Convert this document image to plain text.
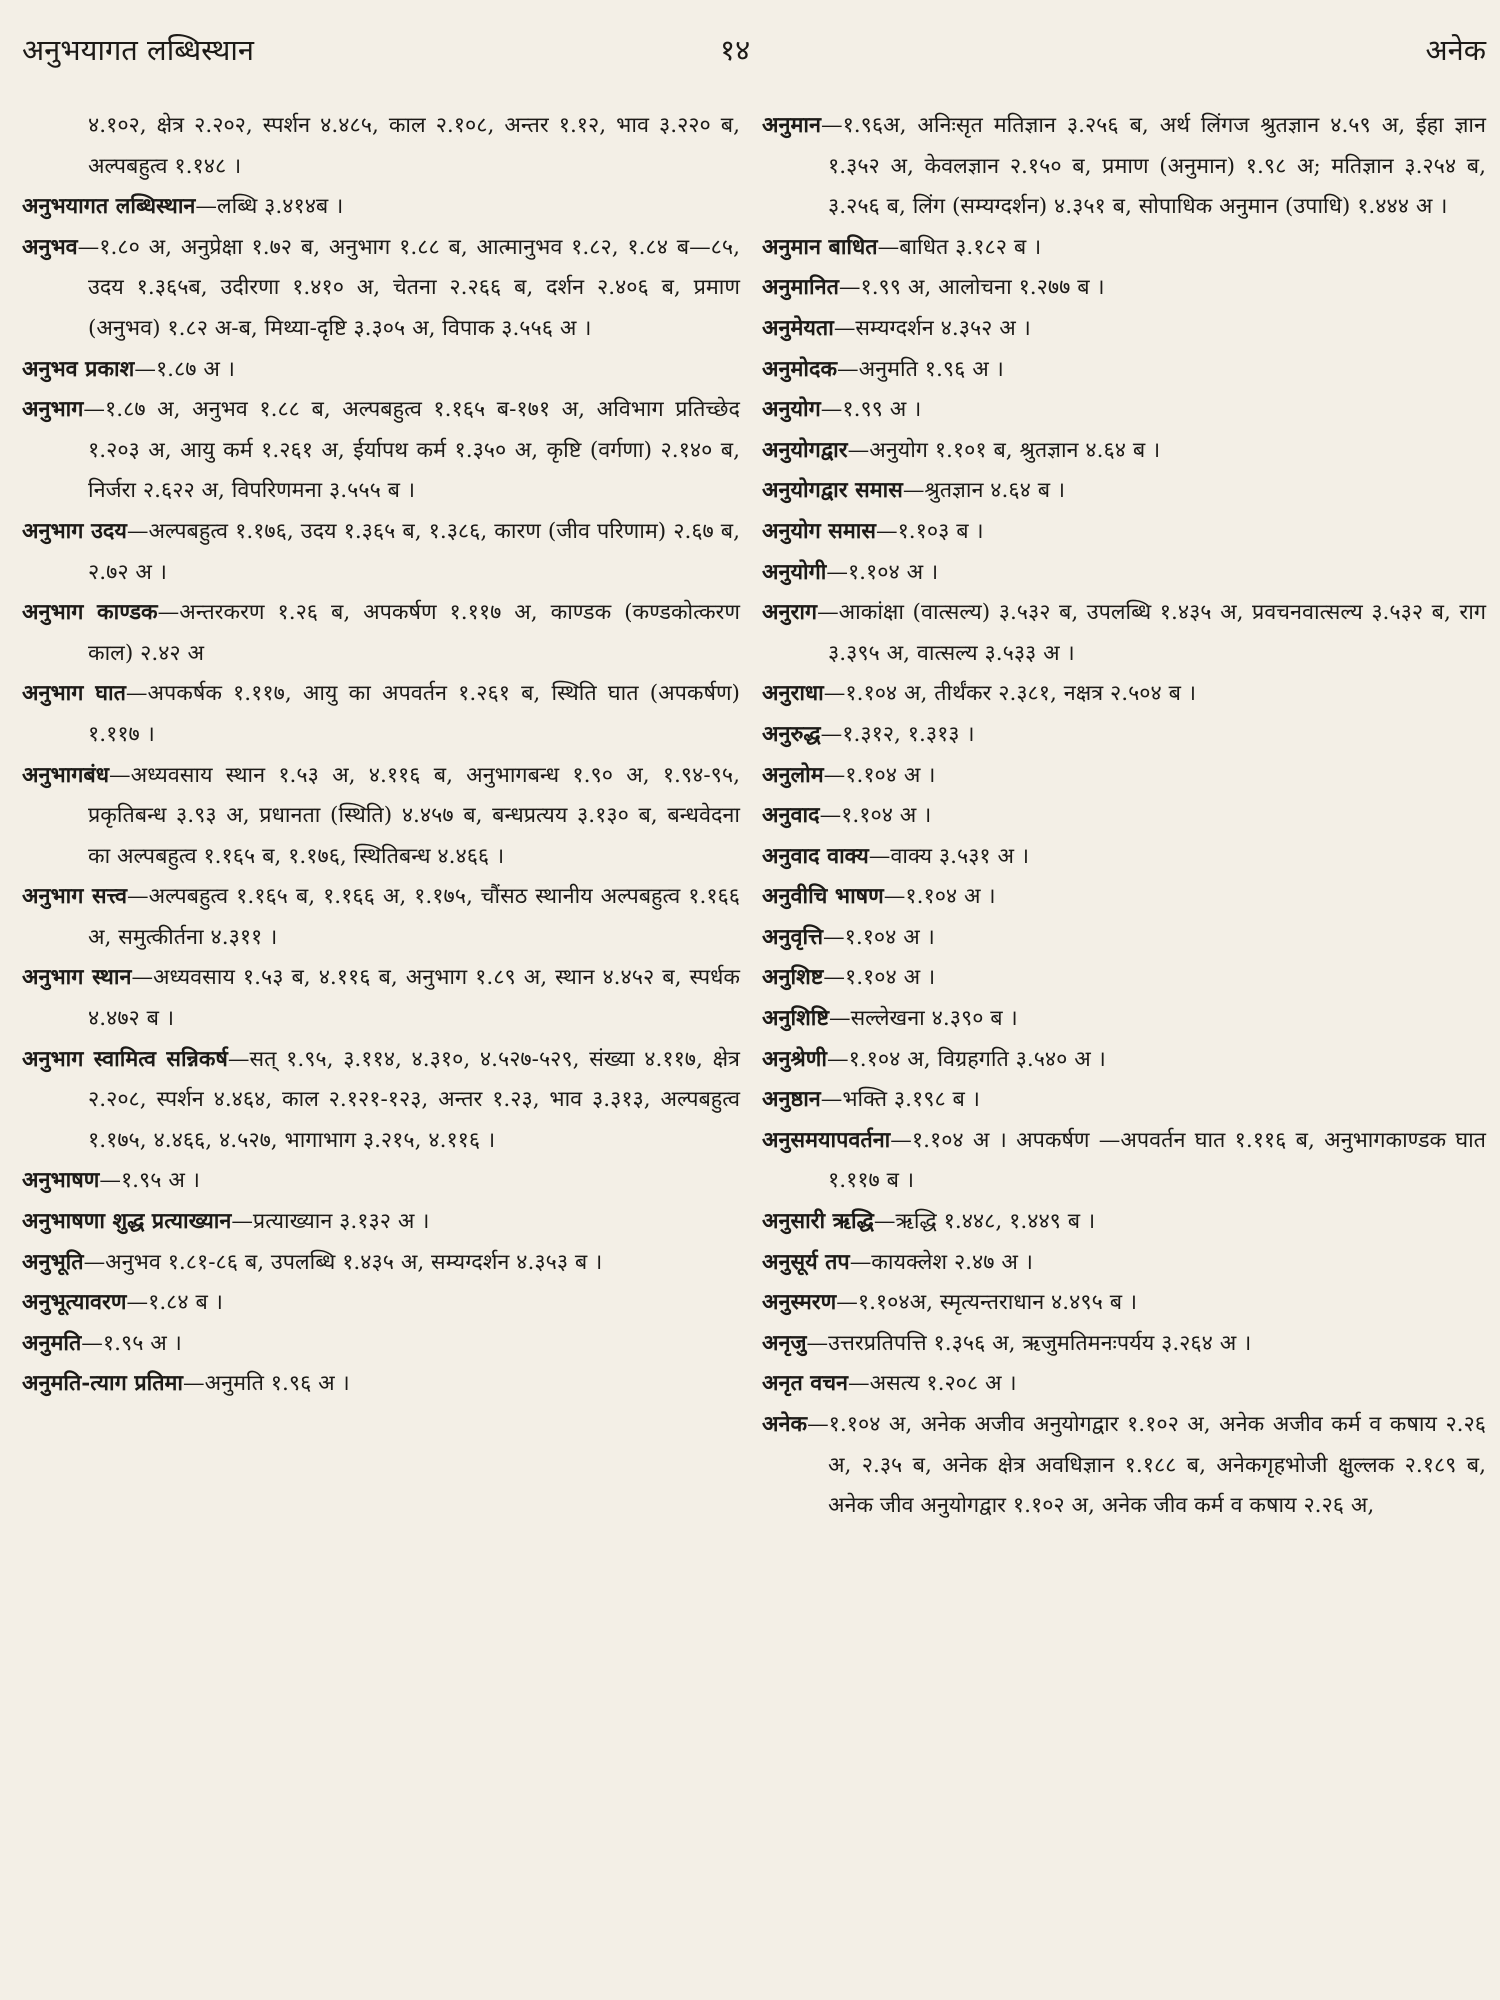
अनुभयागत लब्धिस्थान	१४	अनेक

४.१०२, क्षेत्र २.२०२, स्पर्शन ४.४८५, काल २.१०८, अन्तर १.१२, भाव ३.२२० ब, अल्पबहुत्व १.१४८ ।

अनुभयागत लब्धिस्थान—लब्धि ३.४१४ब ।

अनुभव—१.८० अ, अनुप्रेक्षा १.७२ ब, अनुभाग १.८८ ब, आत्मानुभव १.८२, १.८४ ब—८५, उदय १.३६५ब, उदीरणा १.४१० अ, चेतना २.२६६ ब, दर्शन २.४०६ ब, प्रमाण (अनुभव) १.८२ अ-ब, मिथ्या-दृष्टि ३.३०५ अ, विपाक ३.५५६ अ ।

अनुभव प्रकाश—१.८७ अ ।

अनुभाग—१.८७ अ, अनुभव १.८८ ब, अल्पबहुत्व १.१६५ ब-१७१ अ, अविभाग प्रतिच्छेद १.२०३ अ, आयु कर्म १.२६१ अ, ईर्यापथ कर्म १.३५० अ, कृष्टि (वर्गणा) २.१४० ब, निर्जरा २.६२२ अ, विपरिणमना ३.५५५ ब ।

अनुभाग उदय—अल्पबहुत्व १.१७६, उदय १.३६५ ब, १.३८६, कारण (जीव परिणाम) २.६७ ब, २.७२ अ ।

अनुभाग काण्डक—अन्तरकरण १.२६ ब, अपकर्षण १.११७ अ, काण्डक (कण्डकोत्करण काल) २.४२ अ

अनुभाग घात—अपकर्षक १.११७, आयु का अपवर्तन १.२६१ ब, स्थिति घात (अपकर्षण) १.११७ ।

अनुभागबंध—अध्यवसाय स्थान १.५३ अ, ४.११६ ब, अनुभागबन्ध १.९० अ, १.९४-९५, प्रकृतिबन्ध ३.९३ अ, प्रधानता (स्थिति) ४.४५७ ब, बन्धप्रत्यय ३.१३० ब, बन्धवेदना का अल्पबहुत्व १.१६५ ब, १.१७६, स्थितिबन्ध ४.४६६ ।

अनुभाग सत्त्व—अल्पबहुत्व १.१६५ ब, १.१६६ अ, १.१७५, चौंसठ स्थानीय अल्पबहुत्व १.१६६ अ, समुत्कीर्तना ४.३११ ।

अनुभाग स्थान—अध्यवसाय १.५३ ब, ४.११६ ब, अनुभाग १.८९ अ, स्थान ४.४५२ ब, स्पर्धक ४.४७२ ब ।

अनुभाग स्वामित्व सन्निकर्ष—सत् १.९५, ३.११४, ४.३१०, ४.५२७-५२९, संख्या ४.११७, क्षेत्र २.२०८, स्पर्शन ४.४६४, काल २.१२१-१२३, अन्तर १.२३, भाव ३.३१३, अल्पबहुत्व १.१७५, ४.४६६, ४.५२७, भागाभाग ३.२१५, ४.११६ ।

अनुभाषण—१.९५ अ ।

अनुभाषणा शुद्ध प्रत्याख्यान—प्रत्याख्यान ३.१३२ अ ।

अनुभूति—अनुभव १.८१-८६ ब, उपलब्धि १.४३५ अ, सम्यग्दर्शन ४.३५३ ब ।

अनुभूत्यावरण—१.८४ ब ।

अनुमति—१.९५ अ ।

अनुमति-त्याग प्रतिमा—अनुमति १.९६ अ ।

अनुमान—१.९६अ, अनिःसृत मतिज्ञान ३.२५६ ब, अर्थ लिंगज श्रुतज्ञान ४.५९ अ, ईहा ज्ञान १.३५२ अ, केवलज्ञान २.१५० ब, प्रमाण (अनुमान) १.९८ अ; मतिज्ञान ३.२५४ ब, ३.२५६ ब, लिंग (सम्यग्दर्शन) ४.३५१ ब, सोपाधिक अनुमान (उपाधि) १.४४४ अ ।

अनुमान बाधित—बाधित ३.१८२ ब ।

अनुमानित—१.९९ अ, आलोचना १.२७७ ब ।

अनुमेयता—सम्यग्दर्शन ४.३५२ अ ।

अनुमोदक—अनुमति १.९६ अ ।

अनुयोग—१.९९ अ ।

अनुयोगद्वार—अनुयोग १.१०१ ब, श्रुतज्ञान ४.६४ ब ।

अनुयोगद्वार समास—श्रुतज्ञान ४.६४ ब ।

अनुयोग समास—१.१०३ ब ।

अनुयोगी—१.१०४ अ ।

अनुराग—आकांक्षा (वात्सल्य) ३.५३२ ब, उपलब्धि १.४३५ अ, प्रवचनवात्सल्य ३.५३२ ब, राग ३.३९५ अ, वात्सल्य ३.५३३ अ ।

अनुराधा—१.१०४ अ, तीर्थंकर २.३८१, नक्षत्र २.५०४ ब ।

अनुरुद्ध—१.३१२, १.३१३ ।

अनुलोम—१.१०४ अ ।

अनुवाद—१.१०४ अ ।

अनुवाद वाक्य—वाक्य ३.५३१ अ ।

अनुवीचि भाषण—१.१०४ अ ।

अनुवृत्ति—१.१०४ अ ।

अनुशिष्ट—१.१०४ अ ।

अनुशिष्टि—सल्लेखना ४.३९० ब ।

अनुश्रेणी—१.१०४ अ, विग्रहगति ३.५४० अ ।

अनुष्ठान—भक्ति ३.१९८ ब ।

अनुसमयापवर्तना—१.१०४ अ । अपकर्षण —अपवर्तन घात १.११६ ब, अनुभागकाण्डक घात १.११७ ब ।

अनुसारी ऋद्धि—ऋद्धि १.४४८, १.४४९ ब ।

अनुसूर्य तप—कायक्लेश २.४७ अ ।

अनुस्मरण—१.१०४अ, स्मृत्यन्तराधान ४.४९५ ब ।

अनृजु—उत्तरप्रतिपत्ति १.३५६ अ, ऋजुमतिमनःपर्यय ३.२६४ अ ।

अनृत वचन—असत्य १.२०८ अ ।

अनेक—१.१०४ अ, अनेक अजीव अनुयोगद्वार १.१०२ अ, अनेक अजीव कर्म व कषाय २.२६ अ, २.३५ ब, अनेक क्षेत्र अवधिज्ञान १.१८८ ब, अनेकगृहभोजी क्षुल्लक २.१८९ ब, अनेक जीव अनुयोगद्वार १.१०२ अ, अनेक जीव कर्म व कषाय २.२६ अ,
